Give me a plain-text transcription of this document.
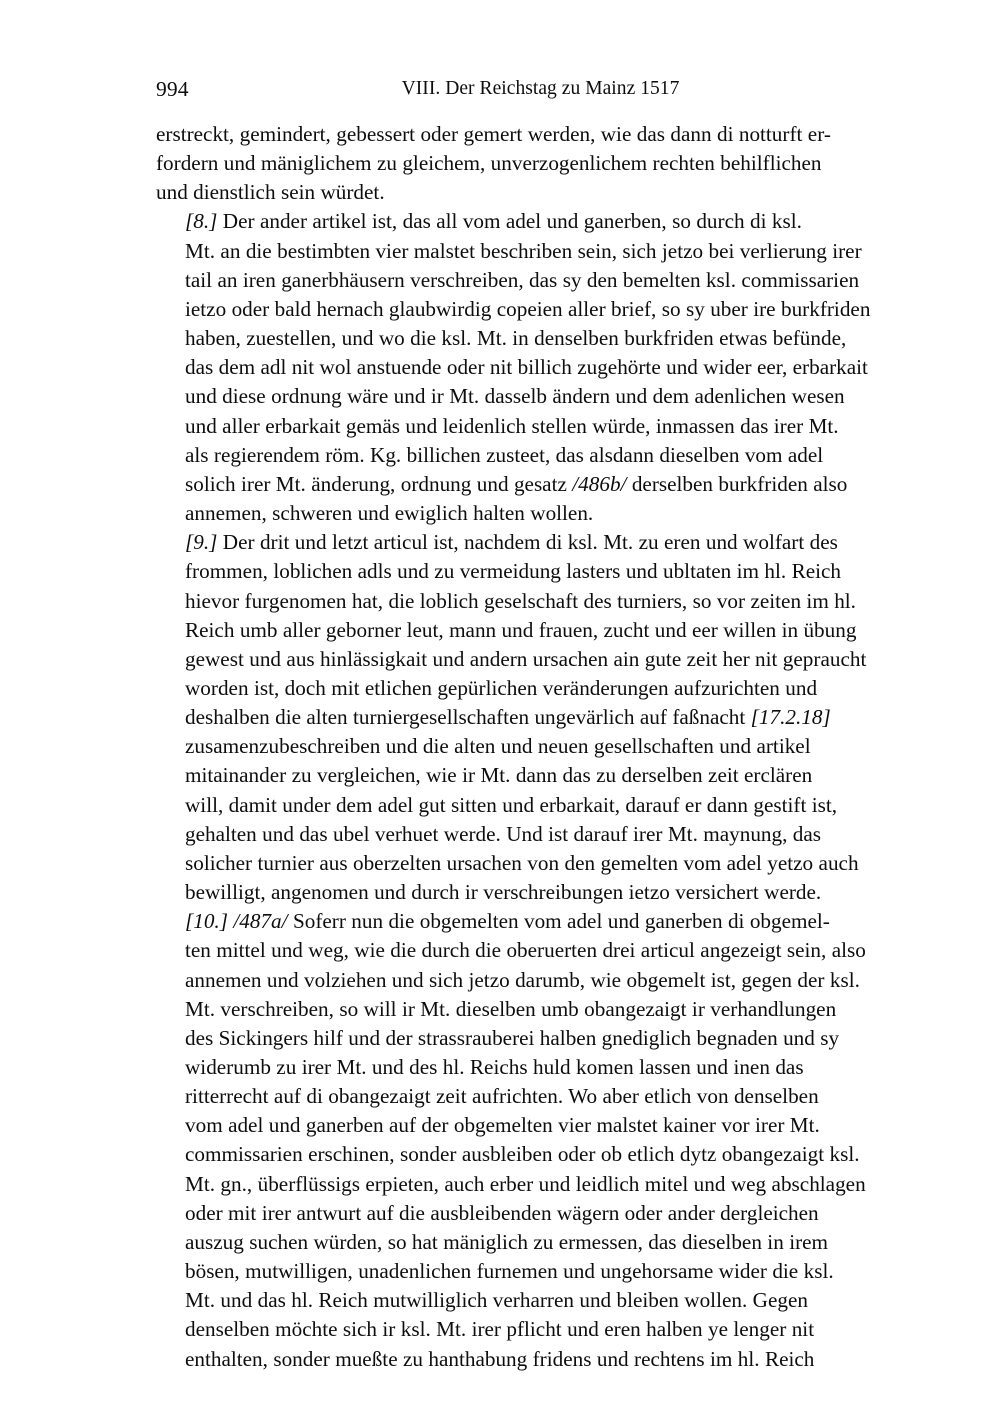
994	VIII. Der Reichstag zu Mainz 1517

erstreckt, gemindert, gebessert oder gemert werden, wie das dann di notturft er-
fordern und mäniglichem zu gleichem, unverzogenlichem rechten behilflichen
und dienstlich sein würdet.

[8.] Der ander artikel ist, das all vom adel und ganerben, so durch di ksl.
Mt. an die bestimbten vier malstet beschriben sein, sich jetzo bei verlierung irer
tail an iren ganerbhäusern verschreiben, das sy den bemelten ksl. commissarien
ietzo oder bald hernach glaubwirdig copeien aller brief, so sy uber ire burkfriden
haben, zuestellen, und wo die ksl. Mt. in denselben burkfriden etwas befünde,
das dem adl nit wol anstuende oder nit billich zugehörte und wider eer, erbarkait
und diese ordnung wäre und ir Mt. dasselb ändern und dem adenlichen wesen
und aller erbarkait gemäs und leidenlich stellen würde, inmassen das irer Mt.
als regierendem röm. Kg. billichen zusteet, das alsdann dieselben vom adel
solich irer Mt. änderung, ordnung und gesatz /486b/ derselben burkfriden also
annemen, schweren und ewiglich halten wollen.

[9.] Der drit und letzt articul ist, nachdem di ksl. Mt. zu eren und wolfart des
frommen, loblichen adls und zu vermeidung lasters und ubltaten im hl. Reich
hievor furgenomen hat, die loblich geselschaft des turniers, so vor zeiten im hl.
Reich umb aller geborner leut, mann und frauen, zucht und eer willen in übung
gewest und aus hinlässigkait und andern ursachen ain gute zeit her nit gepraucht
worden ist, doch mit etlichen gepürlichen veränderungen aufzurichten und
deshalben die alten turniergesellschaften ungevärlich auf faßnacht [17.2.18]
zusamenzubeschreiben und die alten und neuen gesellschaften und artikel
mitainander zu vergleichen, wie ir Mt. dann das zu derselben zeit erclären
will, damit under dem adel gut sitten und erbarkait, darauf er dann gestift ist,
gehalten und das ubel verhuet werde. Und ist darauf irer Mt. maynung, das
solicher turnier aus oberzelten ursachen von den gemelten vom adel yetzo auch
bewilligt, angenomen und durch ir verschreibungen ietzo versichert werde.

[10.] /487a/ Soferr nun die obgemelten vom adel und ganerben di obgemel-
ten mittel und weg, wie die durch die oberuerten drei articul angezeigt sein, also
annemen und volziehen und sich jetzo darumb, wie obgemelt ist, gegen der ksl.
Mt. verschreiben, so will ir Mt. dieselben umb obangezaigt ir verhandlungen
des Sickingers hilf und der strassrauberei halben gnediglich begnaden und sy
widerumb zu irer Mt. und des hl. Reichs huld komen lassen und inen das
ritterrecht auf di obangezaigt zeit aufrichten. Wo aber etlich von denselben
vom adel und ganerben auf der obgemelten vier malstet kainer vor irer Mt.
commissarien erschinen, sonder ausbleiben oder ob etlich dytz obangezaigt ksl.
Mt. gn., überflüssigs erpieten, auch erber und leidlich mitel und weg abschlagen
oder mit irer antwurt auf die ausbleibenden wägern oder ander dergleichen
auszug suchen würden, so hat mäniglich zu ermessen, das dieselben in irem
bösen, mutwilligen, unadenlichen furnemen und ungehorsame wider die ksl.
Mt. und das hl. Reich mutwilliglich verharren und bleiben wollen. Gegen
denselben möchte sich ir ksl. Mt. irer pflicht und eren halben ye lenger nit
enthalten, sonder mueßte zu hanthabung fridens und rechtens im hl. Reich
